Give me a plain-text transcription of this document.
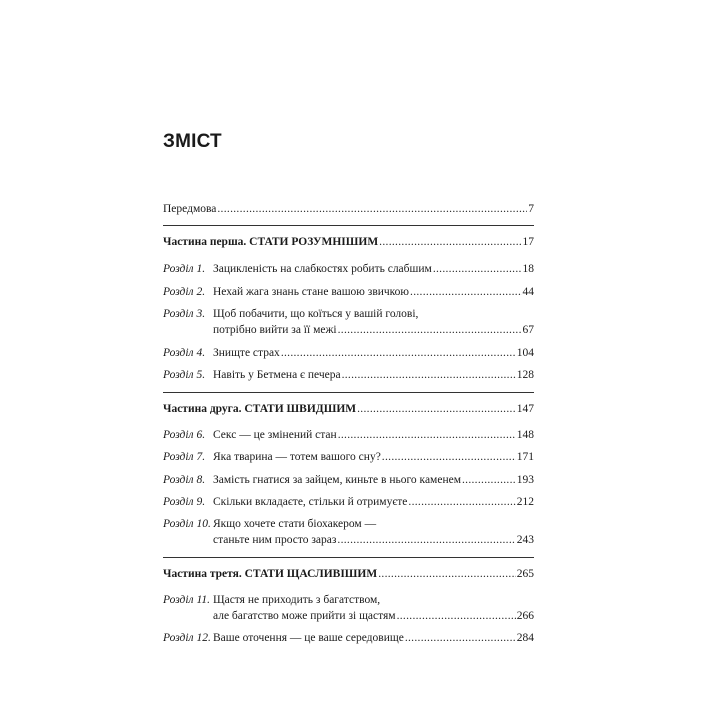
ЗМІСТ
Передмова .....	7
Частина перша. СТАТИ РОЗУМНІШИМ .....	17
Розділ 1. Зацикленість на слабкостях робить слабшим .....	18
Розділ 2. Нехай жага знань стане вашою звичкою .....	44
Розділ 3. Щоб побачити, що коїться у вашій голові,
потрібно вийти за її межі .....	67
Розділ 4. Знищте страх .....	104
Розділ 5. Навіть у Бетмена є печера .....	128
Частина друга. СТАТИ ШВИДШИМ .....	147
Розділ 6. Секс — це змінений стан .....	148
Розділ 7. Яка тварина — тотем вашого сну? .....	171
Розділ 8. Замість гнатися за зайцем, киньте в нього каменем .....	193
Розділ 9. Скільки вкладаєте, стільки й отримуєте .....	212
Розділ 10. Якщо хочете стати біохакером —
станьте ним просто зараз .....	243
Частина третя. СТАТИ ЩАСЛИВІШИМ .....	265
Розділ 11. Щастя не приходить з багатством,
але багатство може прийти зі щастям .....	266
Розділ 12. Ваше оточення — це ваше середовище .....	284
